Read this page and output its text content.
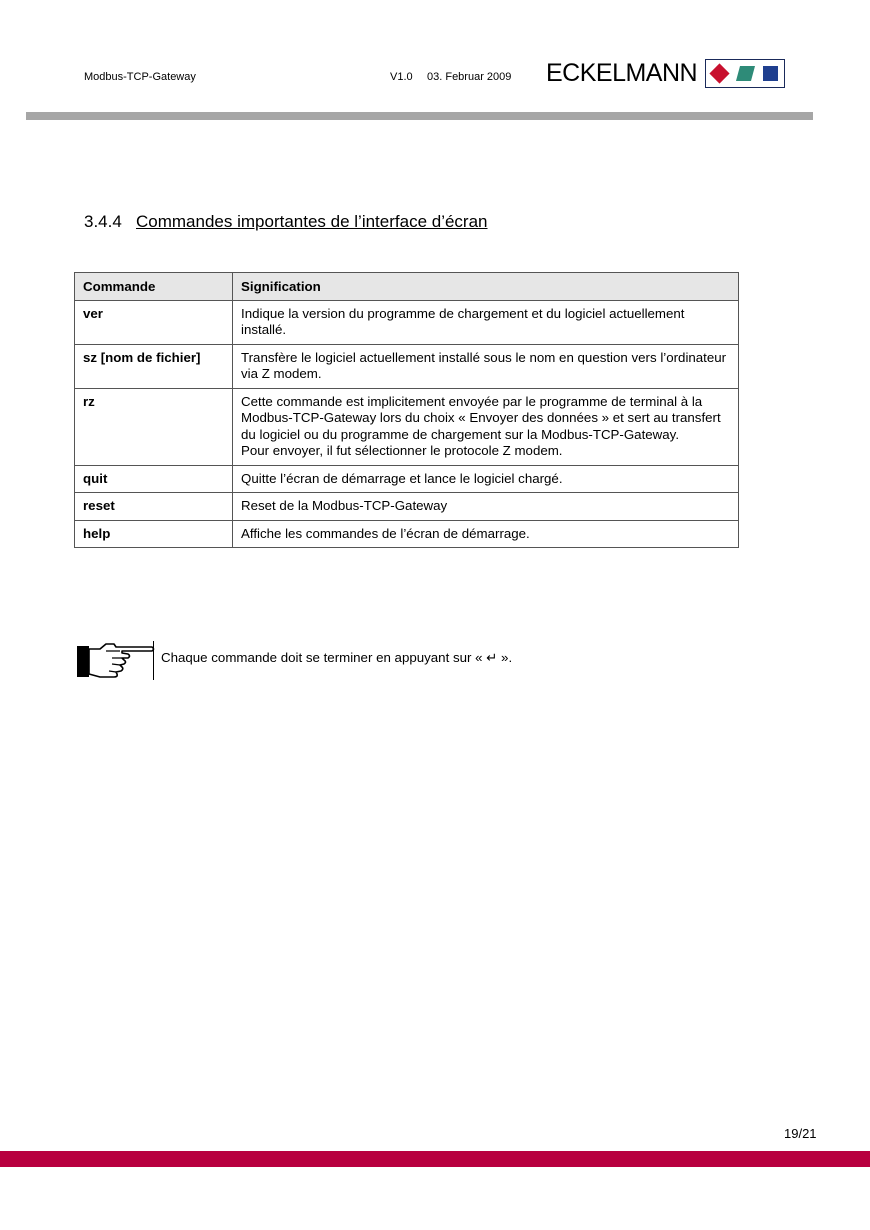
Modbus-TCP-Gateway	V1.0 03. Februar 2009 ECKELMANN
3.4.4 Commandes importantes de l’interface d’écran
Commande	Signification
ver	Indique la version du programme de chargement et du logiciel actuellement installé.
sz [nom de fichier]	Transfère le logiciel actuellement installé sous le nom en question vers l’ordinateur via Z modem.
rz	Cette commande est implicitement envoyée par le programme de terminal à la Modbus-TCP-Gateway lors du choix « Envoyer des données » et sert au transfert du logiciel ou du programme de chargement sur la Modbus-TCP-Gateway.
Pour envoyer, il fut sélectionner le protocole Z modem.
quit	Quitte l’écran de démarrage et lance le logiciel chargé.
reset	Reset de la Modbus-TCP-Gateway
help	Affiche les commandes de l’écran de démarrage.
Chaque commande doit se terminer en appuyant sur « ↵ ».
19/21
